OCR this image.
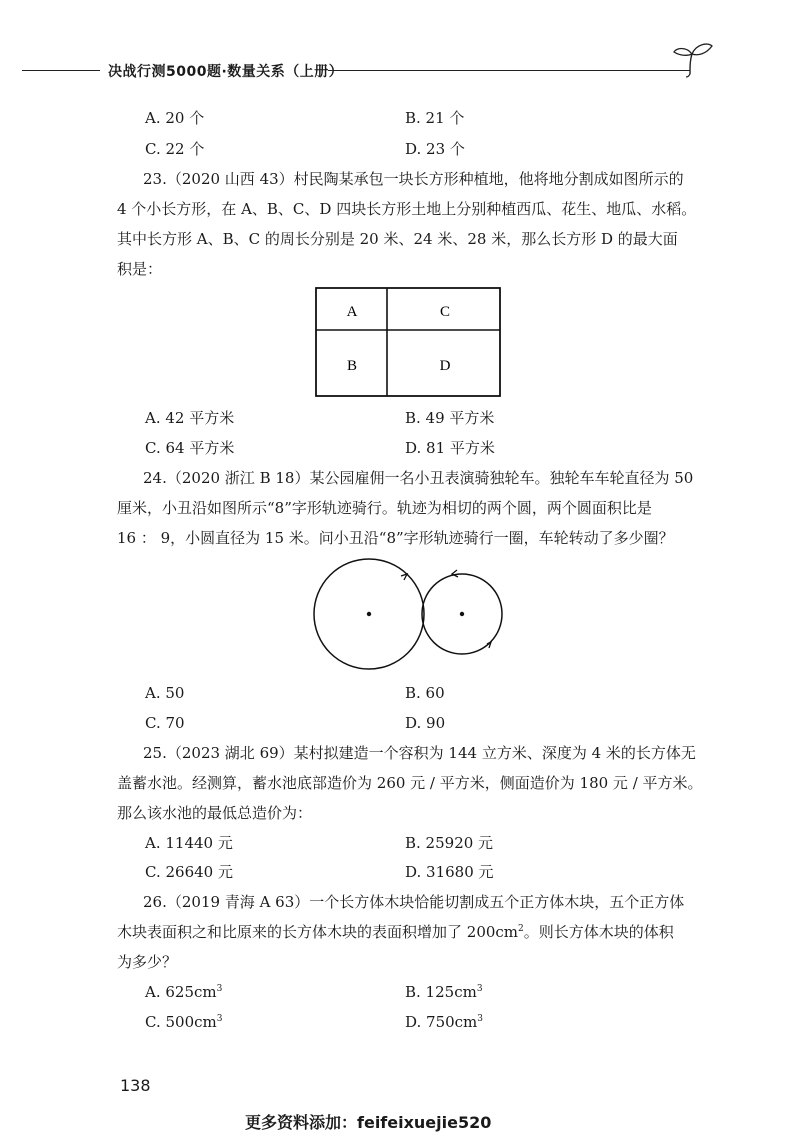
决战行测5000题·数量关系（上册）
A. 20 个	B. 21 个
C. 22 个	D. 23 个
23.（2020 山西 43）村民陶某承包一块长方形种植地，他将地分割成如图所示的
4 个小长方形，在 A、B、C、D 四块长方形土地上分别种植西瓜、花生、地瓜、水稻。
其中长方形 A、B、C 的周长分别是 20 米、24 米、28 米，那么长方形 D 的最大面
积是：
A	C
B	D
A. 42 平方米	B. 49 平方米
C. 64 平方米	D. 81 平方米
24.（2020 浙江 B 18）某公园雇佣一名小丑表演骑独轮车。独轮车车轮直径为 50
厘米，小丑沿如图所示“8”字形轨迹骑行。轨迹为相切的两个圆，两个圆面积比是
16 ： 9，小圆直径为 15 米。问小丑沿“8”字形轨迹骑行一圈，车轮转动了多少圈？
A. 50	B. 60
C. 70	D. 90
25.（2023 湖北 69）某村拟建造一个容积为 144 立方米、深度为 4 米的长方体无
盖蓄水池。经测算，蓄水池底部造价为 260 元 / 平方米，侧面造价为 180 元 / 平方米。
那么该水池的最低总造价为：
A. 11440 元	B. 25920 元
C. 26640 元	D. 31680 元
26.（2019 青海 A 63）一个长方体木块恰能切割成五个正方体木块，五个正方体
木块表面积之和比原来的长方体木块的表面积增加了 $200cm^2$。则长方体木块的体积
为多少？
A. $625cm^3$	B. $125cm^3$
C. $500cm^3$	D. $750cm^3$
138
更多资料添加：feifeixuejie520
